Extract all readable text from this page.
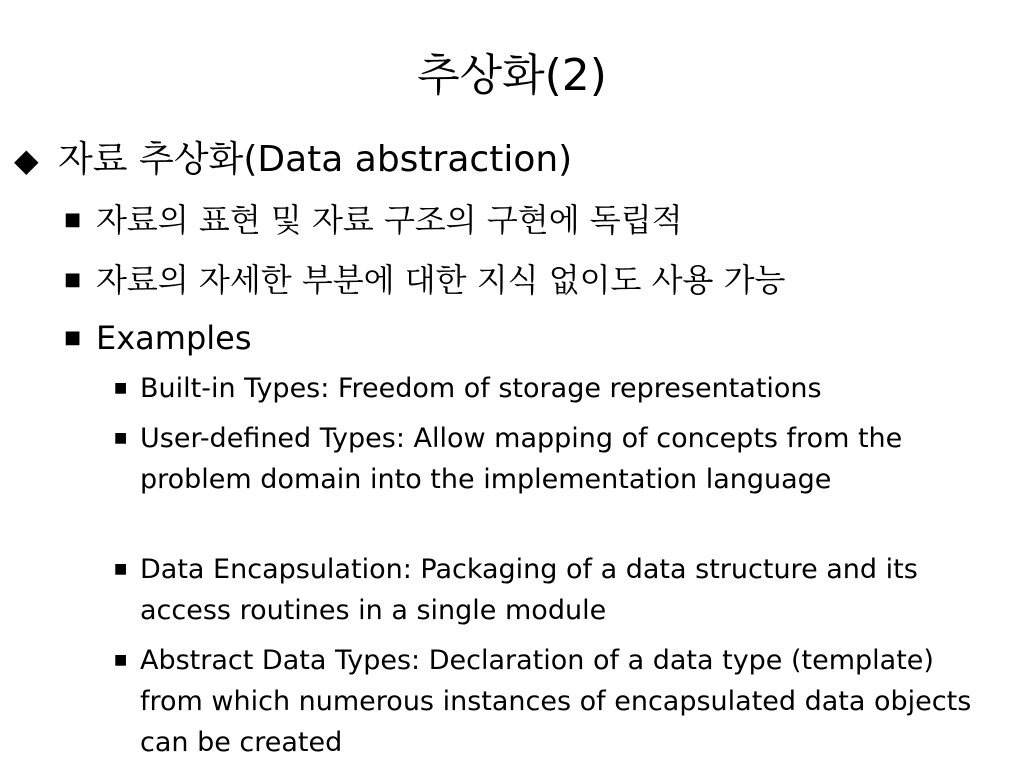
추상화(2)
◆ 자료 추상화(Data abstraction)
■ 자료의 표현 및 자료 구조의 구현에 독립적
■ 자료의 자세한 부분에 대한 지식 없이도 사용 가능
■ Examples
■ Built-in Types: Freedom of storage representations
■ User-defined Types: Allow mapping of concepts from the problem domain into the implementation language
■ Data Encapsulation: Packaging of a data structure and its access routines in a single module
■ Abstract Data Types: Declaration of a data type (template) from which numerous instances of encapsulated data objects can be created
